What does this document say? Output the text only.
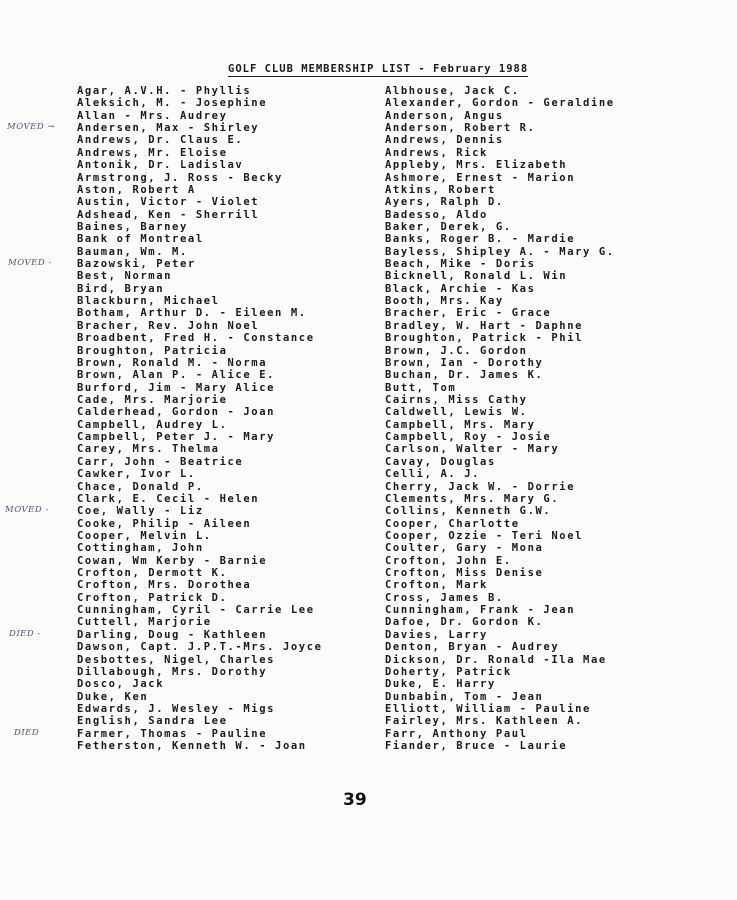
GOLF CLUB MEMBERSHIP LIST - February 1988
Agar, A.V.H. - Phyllis
Aleksich, M. - Josephine
Allan - Mrs. Audrey
Andersen, Max - Shirley
Andrews, Dr. Claus E.
Andrews, Mr. Eloise
Antonik, Dr. Ladislav
Armstrong, J. Ross - Becky
Aston, Robert A
Austin, Victor - Violet
Adshead, Ken - Sherrill
Baines, Barney
Bank of Montreal
Bauman, Wm. M.
Bazowski, Peter
Best, Norman
Bird, Bryan
Blackburn, Michael
Botham, Arthur D. - Eileen M.
Bracher, Rev. John Noel
Broadbent, Fred H. - Constance
Broughton, Patricia
Brown, Ronald M. - Norma
Brown, Alan P. - Alice E.
Burford, Jim - Mary Alice
Cade, Mrs. Marjorie
Calderhead, Gordon - Joan
Campbell, Audrey L.
Campbell, Peter J. - Mary
Carey, Mrs. Thelma
Carr, John - Beatrice
Cawker, Ivor L.
Chace, Donald P.
Clark, E. Cecil - Helen
Coe, Wally - Liz
Cooke, Philip - Aileen
Cooper, Melvin L.
Cottingham, John
Cowan, Wm Kerby - Barnie
Crofton, Dermott K.
Crofton, Mrs. Dorothea
Crofton, Patrick D.
Cunningham, Cyril - Carrie Lee
Cuttell, Marjorie
Darling, Doug - Kathleen
Dawson, Capt. J.P.T.-Mrs. Joyce
Desbottes, Nigel, Charles
Dillabough, Mrs. Dorothy
Dosco, Jack
Duke, Ken
Edwards, J. Wesley - Migs
English, Sandra Lee
Farmer, Thomas - Pauline
Fetherston, Kenneth W. - Joan
Albhouse, Jack C.
Alexander, Gordon - Geraldine
Anderson, Angus
Anderson, Robert R.
Andrews, Dennis
Andrews, Rick
Appleby, Mrs. Elizabeth
Ashmore, Ernest - Marion
Atkins, Robert
Ayers, Ralph D.
Badesso, Aldo
Baker, Derek, G.
Banks, Roger B. - Mardie
Bayless, Shipley A. - Mary G.
Beach, Mike - Doris
Bicknell, Ronald L. Win
Black, Archie - Kas
Booth, Mrs. Kay
Bracher, Eric - Grace
Bradley, W. Hart - Daphne
Broughton, Patrick - Phil
Brown, J.C. Gordon
Brown, Ian - Dorothy
Buchan, Dr. James K.
Butt, Tom
Cairns, Miss Cathy
Caldwell, Lewis W.
Campbell, Mrs. Mary
Campbell, Roy - Josie
Carlson, Walter - Mary
Cavay, Douglas
Celli, A. J.
Cherry, Jack W. - Dorrie
Clements, Mrs. Mary G.
Collins, Kenneth G.W.
Cooper, Charlotte
Cooper, Ozzie - Teri Noel
Coulter, Gary - Mona
Crofton, John E.
Crofton, Miss Denise
Crofton, Mark
Cross, James B.
Cunningham, Frank - Jean
Dafoe, Dr. Gordon K.
Davies, Larry
Denton, Bryan - Audrey
Dickson, Dr. Ronald -Ila Mae
Doherty, Patrick
Duke, E. Harry
Dunbabin, Tom - Jean
Elliott, William - Pauline
Fairley, Mrs. Kathleen A.
Farr, Anthony Paul
Fiander, Bruce - Laurie
MOVED →
MOVED -
MOVED -
DIED -
DIED
39
